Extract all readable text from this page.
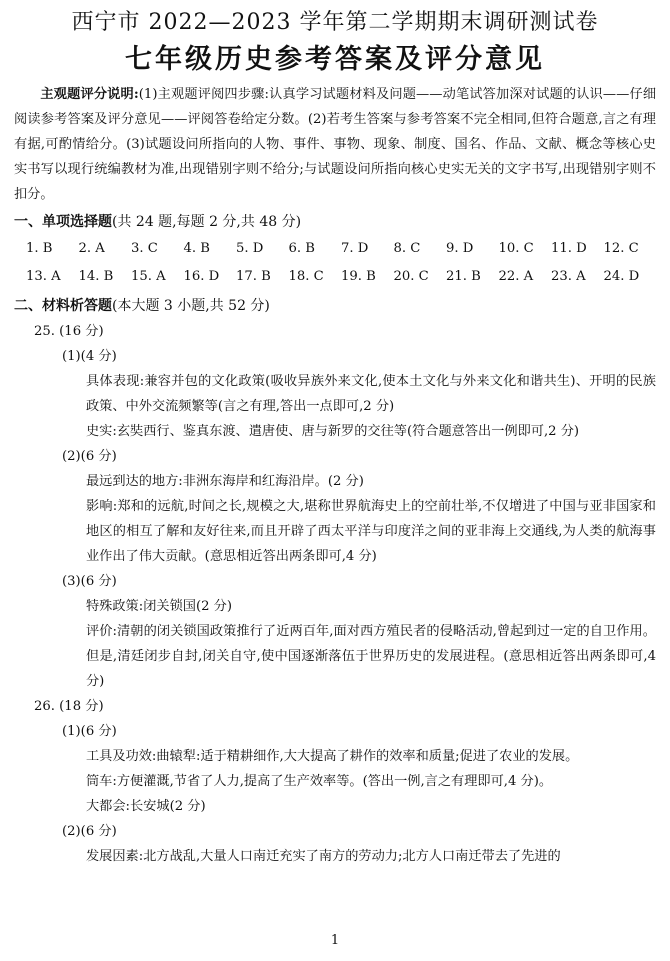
西宁市 2022—2023 学年第二学期期末调研测试卷
七年级历史参考答案及评分意见

主观题评分说明:(1)主观题评阅四步骤:认真学习试题材料及问题——动笔试答加深对试题的认识——仔细阅读参考答案及评分意见——评阅答卷给定分数。(2)若考生答案与参考答案不完全相同,但符合题意,言之有理有据,可酌情给分。(3)试题设问所指向的人物、事件、事物、现象、制度、国名、作品、文献、概念等核心史实书写以现行统编教材为准,出现错别字则不给分;与试题设问所指向核心史实无关的文字书写,出现错别字则不扣分。

一、单项选择题(共 24 题,每题 2 分,共 48 分)

1. B	2. A	3. C	4. B	5. D	6. B	7. D	8. C	9. D	10. C	11. D	12. C
13. A	14. B	15. A	16. D	17. B	18. C	19. B	20. C	21. B	22. A	23. A	24. D

二、材料析答题(本大题 3 小题,共 52 分)

25. (16 分)

(1)(4 分)

具体表现:兼容并包的文化政策(吸收异族外来文化,使本土文化与外来文化和谐共生)、开明的民族政策、中外交流频繁等(言之有理,答出一点即可,2 分)

史实:玄奘西行、鉴真东渡、遣唐使、唐与新罗的交往等(符合题意答出一例即可,2 分)

(2)(6 分)

最远到达的地方:非洲东海岸和红海沿岸。(2 分)

影响:郑和的远航,时间之长,规模之大,堪称世界航海史上的空前壮举,不仅增进了中国与亚非国家和地区的相互了解和友好往来,而且开辟了西太平洋与印度洋之间的亚非海上交通线,为人类的航海事业作出了伟大贡献。(意思相近答出两条即可,4 分)

(3)(6 分)

特殊政策:闭关锁国(2 分)

评价:清朝的闭关锁国政策推行了近两百年,面对西方殖民者的侵略活动,曾起到过一定的自卫作用。但是,清廷闭步自封,闭关自守,使中国逐渐落伍于世界历史的发展进程。(意思相近答出两条即可,4 分)

26. (18 分)

(1)(6 分)

工具及功效:曲辕犁:适于精耕细作,大大提高了耕作的效率和质量;促进了农业的发展。

筒车:方便灌溉,节省了人力,提高了生产效率等。(答出一例,言之有理即可,4 分)。

大都会:长安城(2 分)

(2)(6 分)

发展因素:北方战乱,大量人口南迁充实了南方的劳动力;北方人口南迁带去了先进的

1
